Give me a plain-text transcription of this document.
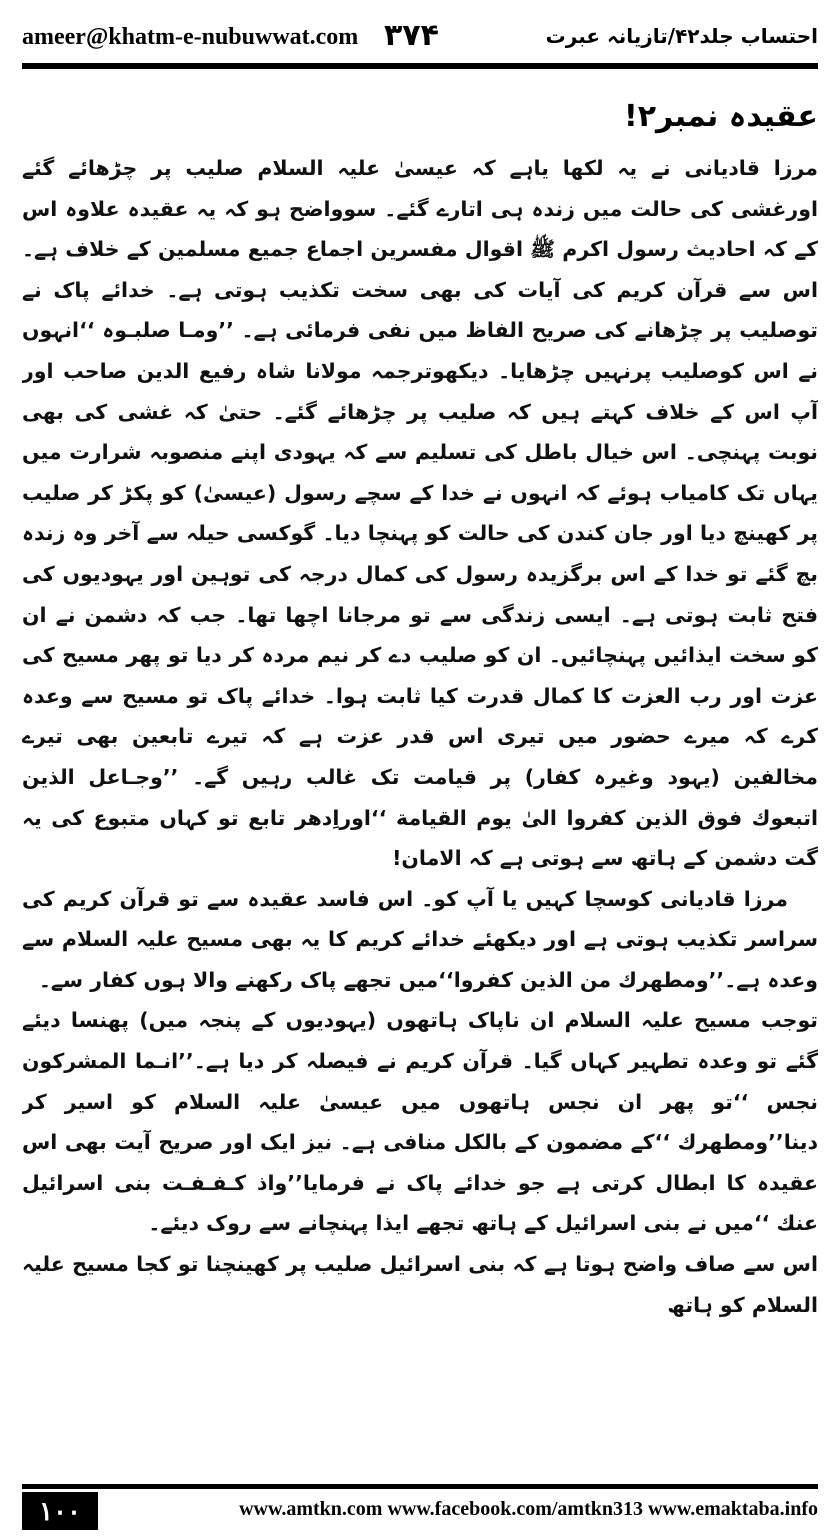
ameer@khatm-e-nubuwwat.com ۳۷۴	احتساب جلد۴۲/تازیانہ عبرت
عقیدہ نمبر۲!

مرزا قادیانی نے یہ لکھا یاہے کہ عیسیٰ علیہ السلام صلیب پر چڑھائے گئے اورغشی کی حالت میں زندہ ہی اتارے گئے۔ سوواضح ہو کہ یہ عقیدہ علاوہ اس کے کہ احادیث رسول اکرم ﷺ اقوال مفسرین اجماع جمیع مسلمین کے خلاف ہے۔ اس سے قرآن کریم کی آیات کی بھی سخت تکذیب ہوتی ہے۔ خدائے پاک نے توصلیب پر چڑھانے کی صریح الفاظ میں نفی فرمائی ہے۔ ’’ومـا صلبـوہ ‘‘انہوں نے اس کوصلیب پرنہیں چڑھایا۔ دیکھوترجمہ مولانا شاہ رفیع الدین صاحب اور آپ اس کے خلاف کہتے ہیں کہ صلیب پر چڑھائے گئے۔ حتیٰ کہ غشی کی بھی نوبت پہنچی۔ اس خیال باطل کی تسلیم سے کہ یہودی اپنے منصوبہ شرارت میں یہاں تک کامیاب ہوئے کہ انہوں نے خدا کے سچے رسول (عیسیٰ) کو پکڑ کر صلیب پر کھینچ دیا اور جان کندن کی حالت کو پہنچا دیا۔ گوکسی حیلہ سے آخر وہ زندہ بچ گئے تو خدا کے اس برگزیدہ رسول کی کمال درجہ کی توہین اور یہودیوں کی فتح ثابت ہوتی ہے۔ ایسی زندگی سے تو مرجانا اچھا تھا۔ جب کہ دشمن نے ان کو سخت ایذائیں پہنچائیں۔ ان کو صلیب دے کر نیم مردہ کر دیا تو پھر مسیح کی عزت اور رب العزت کا کمال قدرت کیا ثابت ہوا۔ خدائے پاک تو مسیح سے وعدہ کرے کہ میرے حضور میں تیری اس قدر عزت ہے کہ تیرے تابعین بھی تیرے مخالفین (یہود وغیرہ کفار) پر قیامت تک غالب رہیں گے۔ ’’وجـاعل الذین اتبعوك فوق الذین كفروا الیٰ یوم القیامة ‘‘اوراِدھر تابع تو کہاں متبوع کی یہ گت دشمن کے ہاتھ سے ہوتی ہے کہ الامان!

مرزا قادیانی کوسچا کہیں یا آپ کو۔ اس فاسد عقیدہ سے تو قرآن کریم کی سراسر تکذیب ہوتی ہے اور دیکھئے خدائے کریم کا یہ بھی مسیح علیہ السلام سے وعدہ ہے۔’’ومطهرك من الذین كفروا‘‘میں تجھے پاک رکھنے والا ہوں کفار سے۔

توجب مسیح علیہ السلام ان ناپاک ہاتھوں (یہودیوں کے پنجہ میں) پھنسا دیئے گئے تو وعدہ تطہیر کہاں گیا۔ قرآن کریم نے فیصلہ کر دیا ہے۔’’انـما المشركون نجس ‘‘تو پھر ان نجس ہاتھوں میں عیسیٰ علیہ السلام کو اسیر کر دینا’’ومطهرك ‘‘کے مضمون کے بالکل منافی ہے۔ نیز ایک اور صریح آیت بھی اس عقیدہ کا ابطال کرتی ہے جو خدائے پاک نے فرمایا’’واذ كـفـفـت بنی اسرائیل عنك ‘‘میں نے بنی اسرائیل کے ہاتھ تجھے ایذا پہنچانے سے روک دیئے۔

اس سے صاف واضح ہوتا ہے کہ بنی اسرائیل صلیب پر کھینچنا تو کجا مسیح علیہ السلام کو ہاتھ

۱۰۰	www.amtkn.com www.facebook.com/amtkn313 www.emaktaba.info
